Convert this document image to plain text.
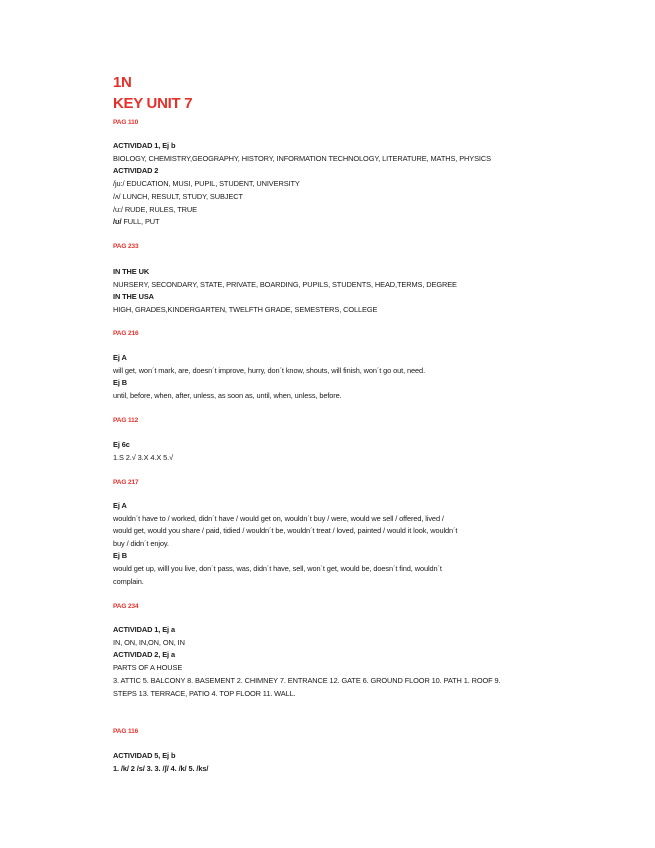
1N
KEY UNIT 7
PAG 110
ACTIVIDAD 1, Ej b
BIOLOGY, CHEMISTRY,GEOGRAPHY, HISTORY, INFORMATION TECHNOLOGY, LITERATURE, MATHS, PHYSICS
ACTIVIDAD 2
/ju:/ EDUCATION, MUSI, PUPIL, STUDENT, UNIVERSITY
/ʌ/ LUNCH, RESULT, STUDY, SUBJECT
/u:/ RUDE, RULES, TRUE
/ʊ/ FULL, PUT
PAG 233
IN THE UK
NURSERY, SECONDARY, STATE, PRIVATE, BOARDING, PUPILS, STUDENTS, HEAD,TERMS, DEGREE
IN THE USA
HIGH, GRADES,KINDERGARTEN, TWELFTH GRADE, SEMESTERS, COLLEGE
PAG 216
Ej A
will get, won´t mark, are, doesn´t improve, hurry, don´t know, shouts, will finish, won´t go out, need.
Ej B
until, before, when, after, unless, as soon as, until, when, unless, before.
PAG 112
Ej 6c
1.S 2.√ 3.X 4.X 5.√
PAG 217
Ej A
wouldn´t have to / worked, didn´t have / would get on, wouldn´t buy / were, would we sell / offered, lived /
would get, would you share / paid, tidied / wouldn´t be, wouldn´t treat / loved, painted / would it look, wouldn´t
buy / didn´t enjoy.
Ej B
would get up, willl you live, don´t pass, was, didn´t have, sell, won´t get, would be, doesn´t find, wouldn´t
complain.
PAG 234
ACTIVIDAD 1, Ej a
IN, ON, IN,ON, ON, IN
ACTIVIDAD 2, Ej a
PARTS OF A HOUSE
3. ATTIC 5. BALCONY 8. BASEMENT 2. CHIMNEY 7. ENTRANCE 12. GATE 6. GROUND FLOOR 10. PATH 1. ROOF 9.
STEPS 13. TERRACE, PATIO 4. TOP FLOOR 11. WALL.
PAG 116
ACTIVIDAD 5, Ej b
1. /k/ 2 /s/ 3. 3. /ʃ/ 4. /k/ 5. /ks/
